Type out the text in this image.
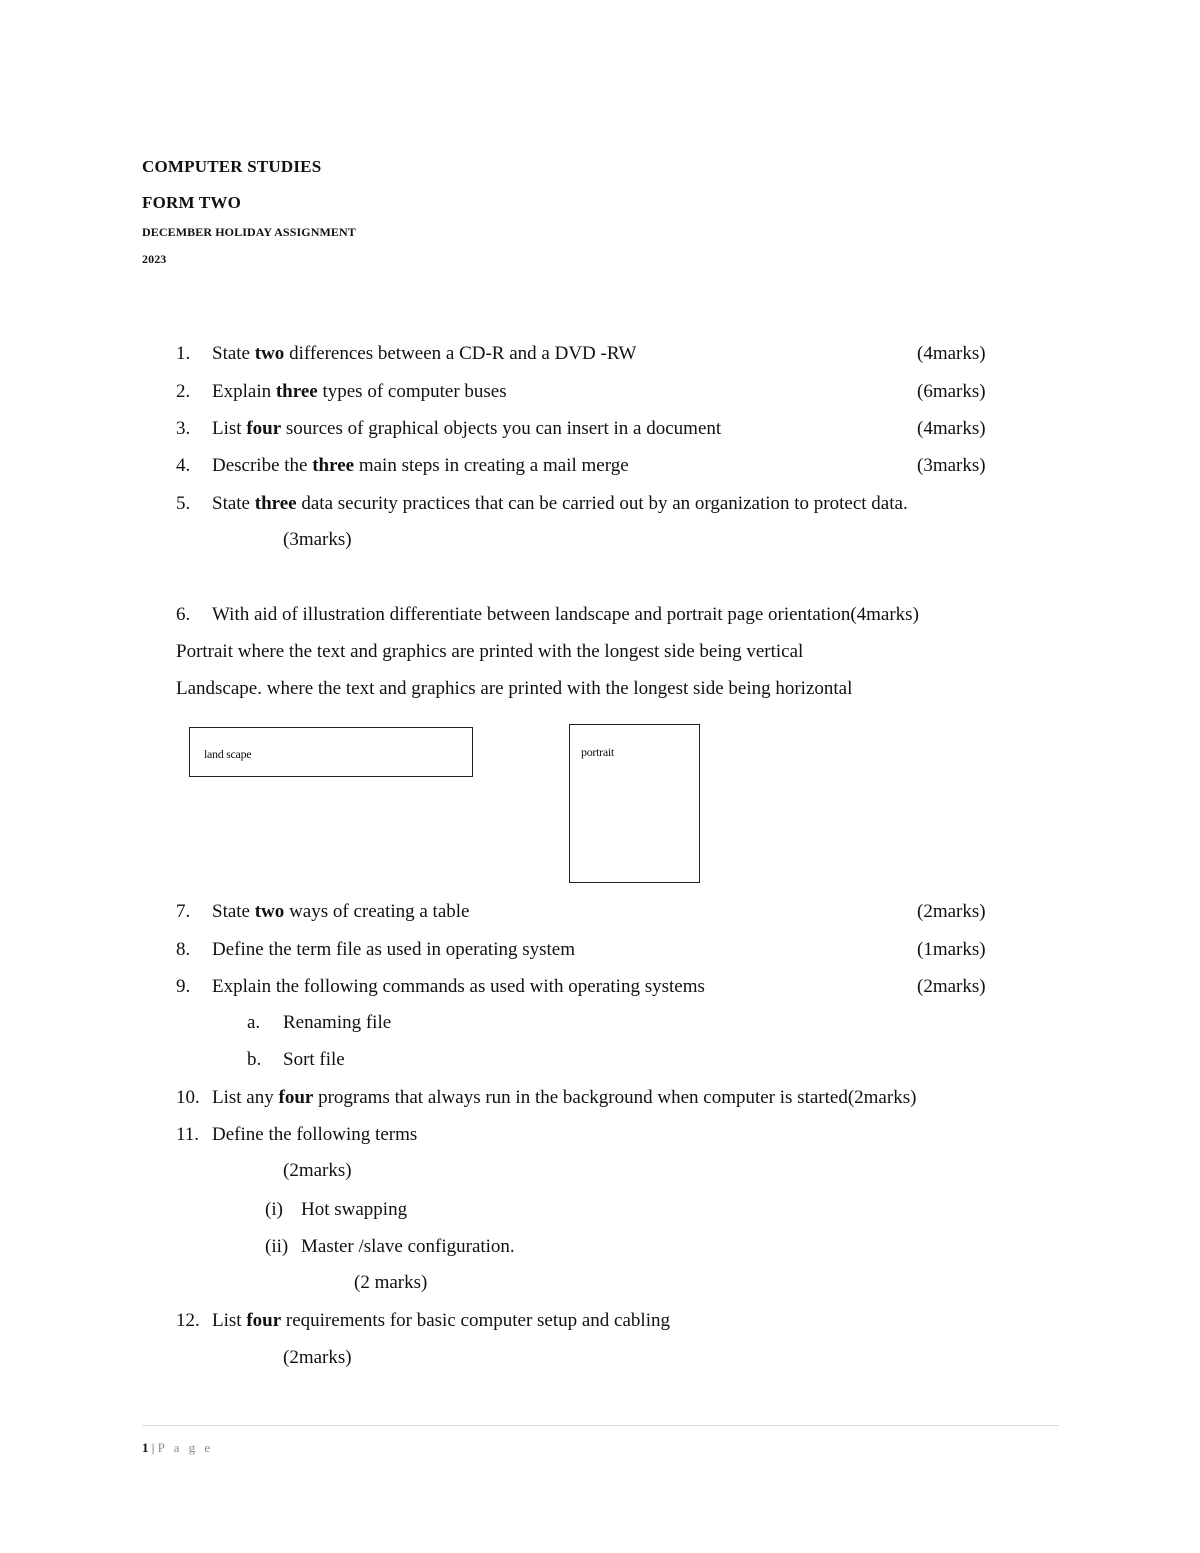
COMPUTER STUDIES
FORM TWO
DECEMBER HOLIDAY ASSIGNMENT
2023
1. State two differences between a CD-R and a DVD -RW	(4marks)
2. Explain three types of computer buses	(6marks)
3. List four sources of graphical objects you can insert in a document	(4marks)
4. Describe the three main steps in creating a mail merge	(3marks)
5. State three data security practices that can be carried out by an organization to protect data.
(3marks)
6. With aid of illustration differentiate between landscape and portrait page orientation(4marks)
Portrait where the text and graphics are printed with the longest side being vertical
Landscape. where the text and graphics are printed with the longest side being horizontal
land scape	portrait
7. State two ways of creating a table	(2marks)
8. Define the term file as used in operating system	(1marks)
9. Explain the following commands as used with operating systems	(2marks)
a. Renaming file
b. Sort file
10. List any four programs that always run in the background when computer is started(2marks)
11. Define the following terms
(2marks)
(i) Hot swapping
(ii) Master /slave configuration.
(2 marks)
12. List four requirements for basic computer setup and cabling
(2marks)
1 | P a g e
